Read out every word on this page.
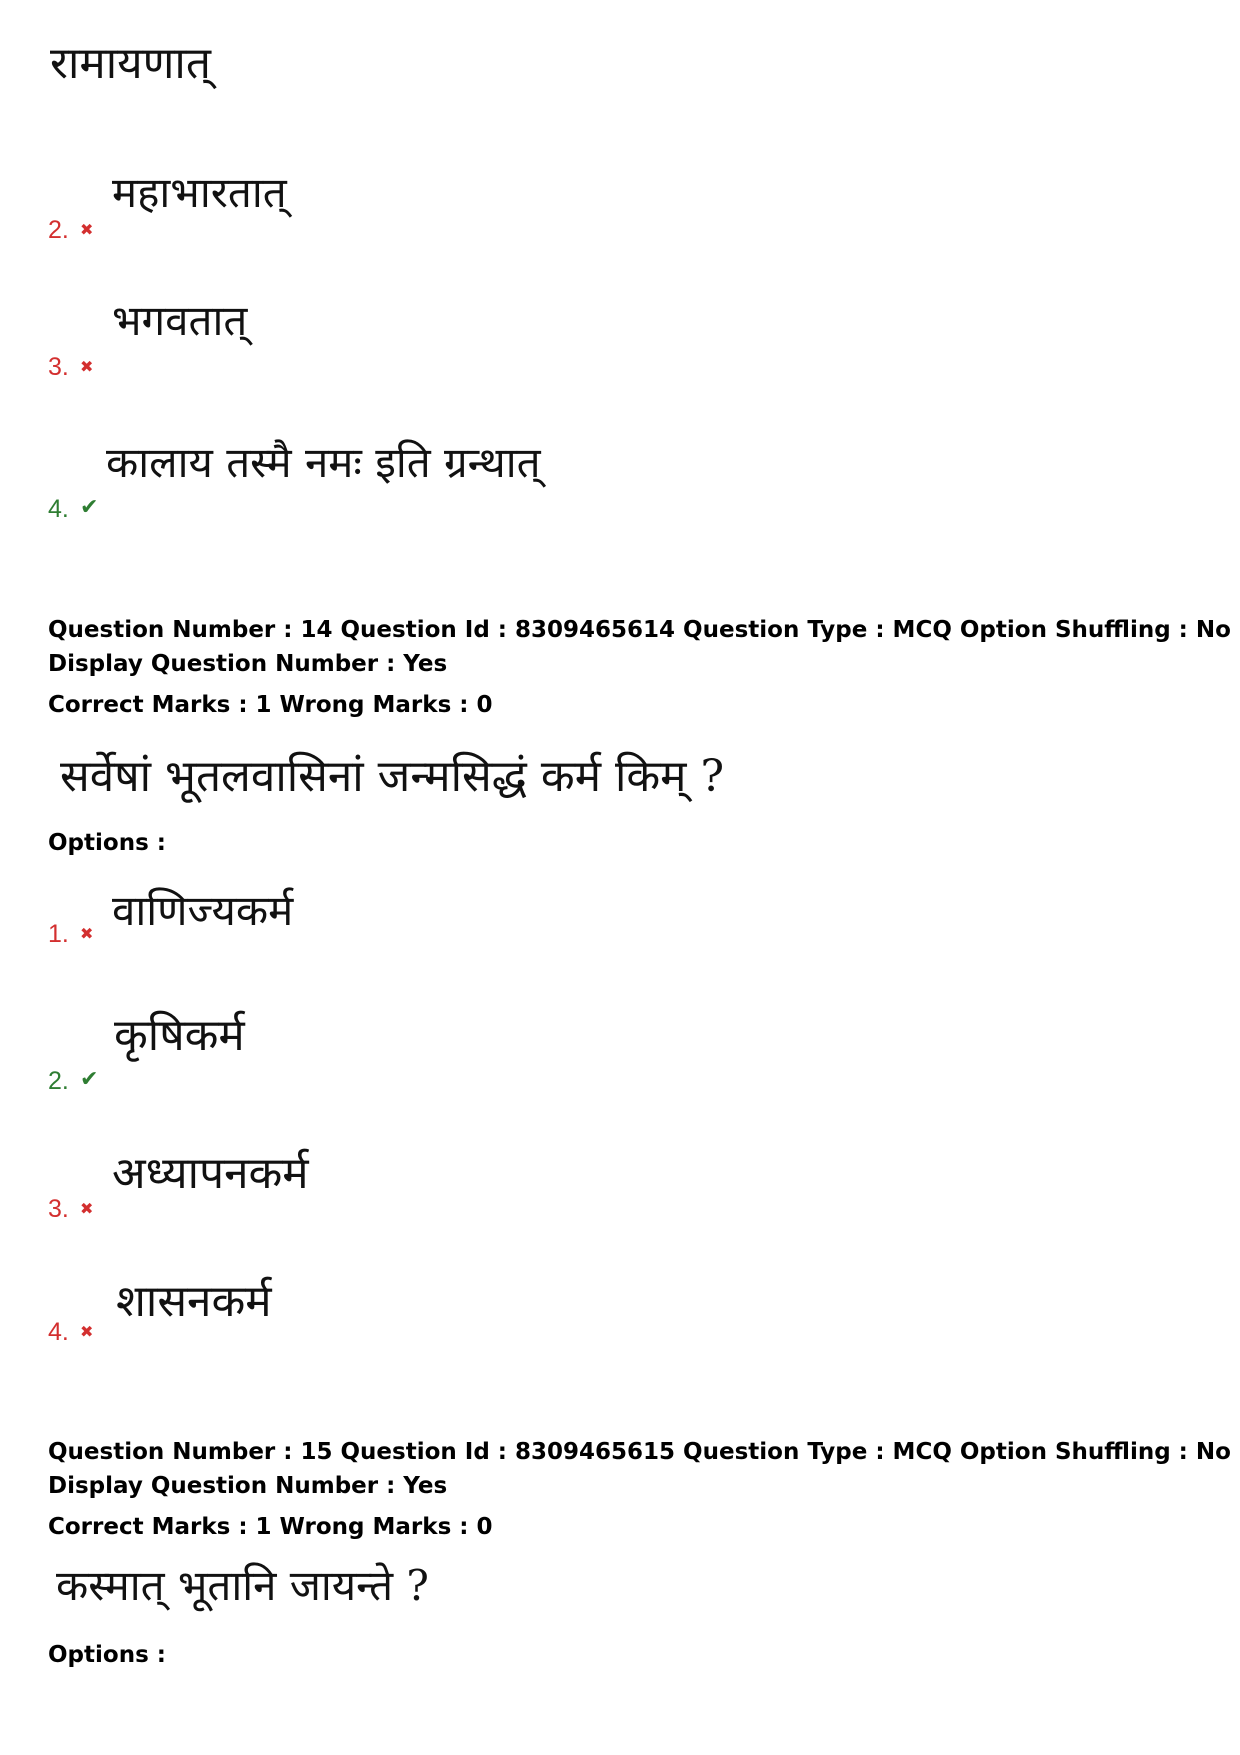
रामायणात्
महाभारतात्
2. ✖
भगवतात्
3. ✖
कालाय तस्मै नमः इति ग्रन्थात्
4. ✔
Question Number : 14 Question Id : 8309465614 Question Type : MCQ Option Shuffling : No
Display Question Number : Yes
Correct Marks : 1 Wrong Marks : 0
सर्वेषां भूतलवासिनां जन्मसिद्धं कर्म किम् ?
Options :
वाणिज्यकर्म
1. ✖
कृषिकर्म
2. ✔
अध्यापनकर्म
3. ✖
शासनकर्म
4. ✖
Question Number : 15 Question Id : 8309465615 Question Type : MCQ Option Shuffling : No
Display Question Number : Yes
Correct Marks : 1 Wrong Marks : 0
कस्मात् भूतानि जायन्ते ?
Options :
